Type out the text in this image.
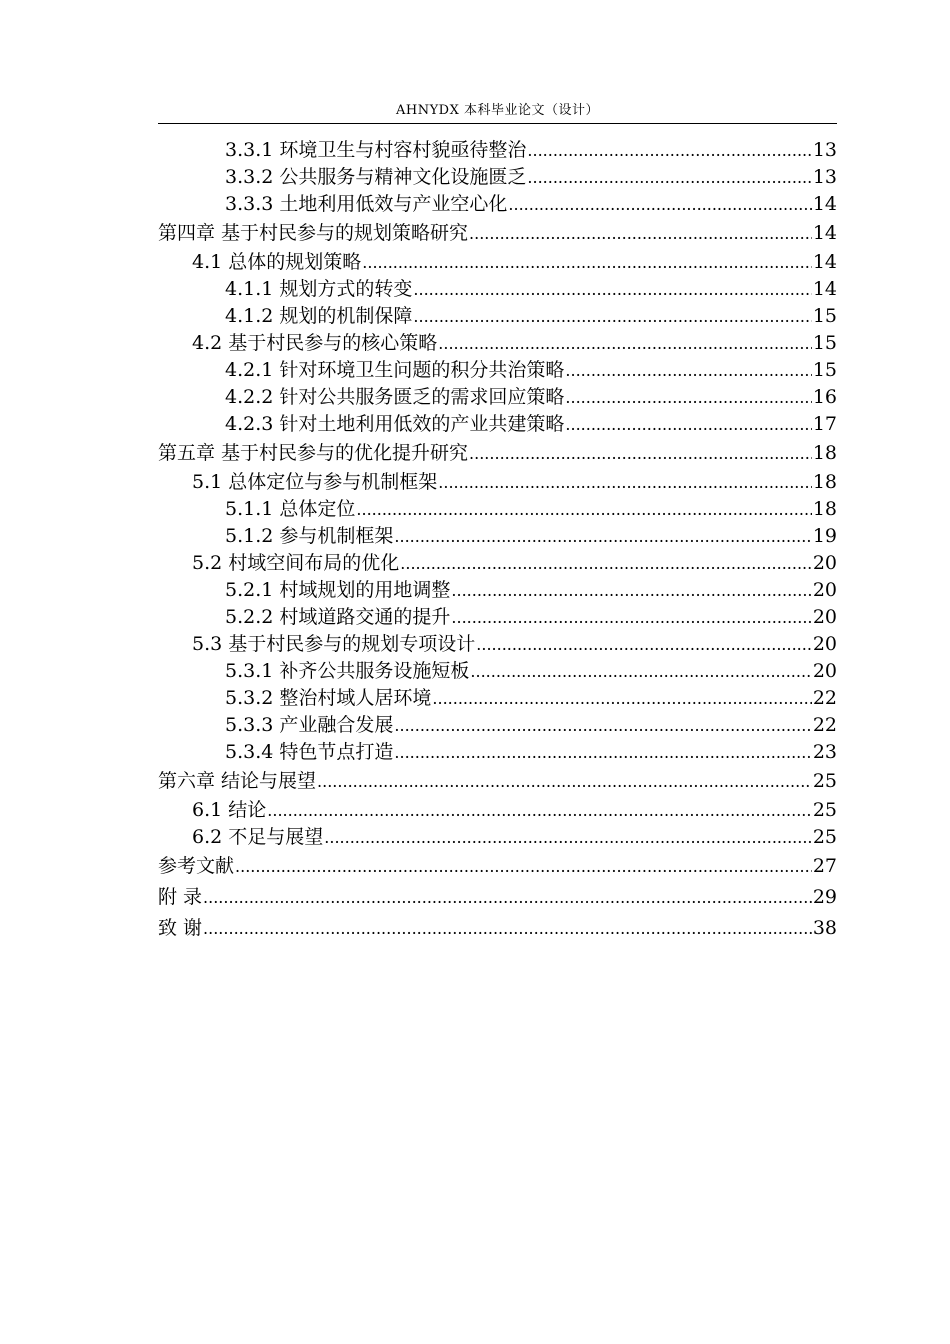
AHNYDX 本科毕业论文（设计）
3.3.1 环境卫生与村容村貌亟待整治 .....	13
3.3.2 公共服务与精神文化设施匮乏 .....	13
3.3.3 土地利用低效与产业空心化 .....	14
第四章 基于村民参与的规划策略研究 .....	14
4.1 总体的规划策略 .....	14
4.1.1 规划方式的转变 .....	14
4.1.2 规划的机制保障 .....	15
4.2 基于村民参与的核心策略 .....	15
4.2.1 针对环境卫生问题的积分共治策略 .....	15
4.2.2 针对公共服务匮乏的需求回应策略 .....	16
4.2.3 针对土地利用低效的产业共建策略 .....	17
第五章 基于村民参与的优化提升研究 .....	18
5.1 总体定位与参与机制框架 .....	18
5.1.1 总体定位 .....	18
5.1.2 参与机制框架 .....	19
5.2 村域空间布局的优化 .....	20
5.2.1 村域规划的用地调整 .....	20
5.2.2 村域道路交通的提升 .....	20
5.3 基于村民参与的规划专项设计 .....	20
5.3.1 补齐公共服务设施短板 .....	20
5.3.2 整治村域人居环境 .....	22
5.3.3 产业融合发展 .....	22
5.3.4 特色节点打造 .....	23
第六章 结论与展望 .....	25
6.1 结论 .....	25
6.2 不足与展望 .....	25
参考文献 .....	27
附 录 .....	29
致 谢 .....	38
